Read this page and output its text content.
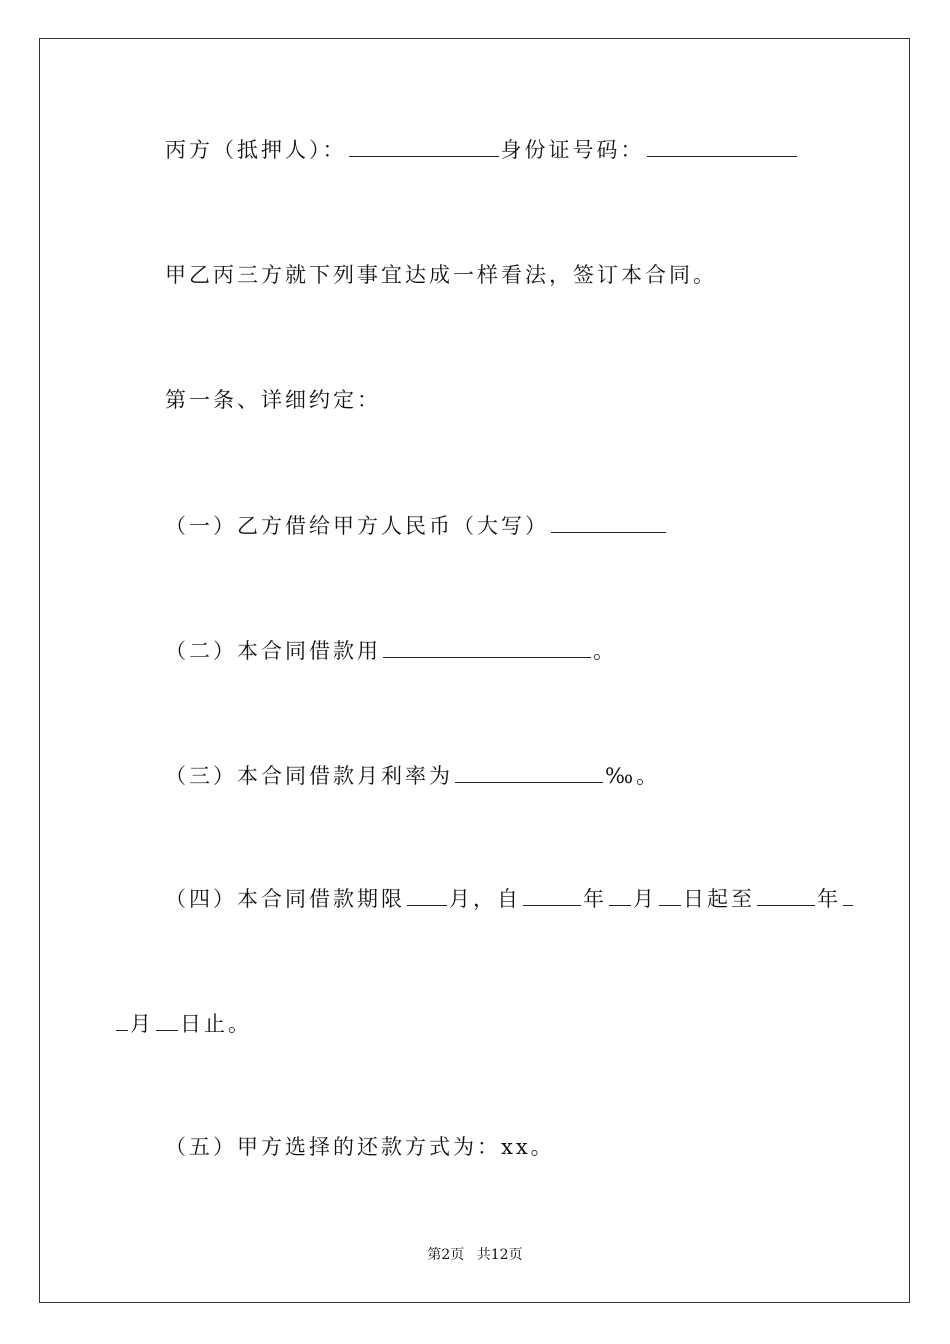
丙方（抵押人）：	身份证号码：
甲乙丙三方就下列事宜达成一样看法，签订本合同。
第一条、详细约定：
（一）乙方借给甲方人民币（大写）
（二）本合同借款用	。
（三）本合同借款月利率为	‰。
（四）本合同借款期限 月，自	年 月 日起至	年
月 日止。
（五）甲方选择的还款方式为：xx。
第2页 共12页
